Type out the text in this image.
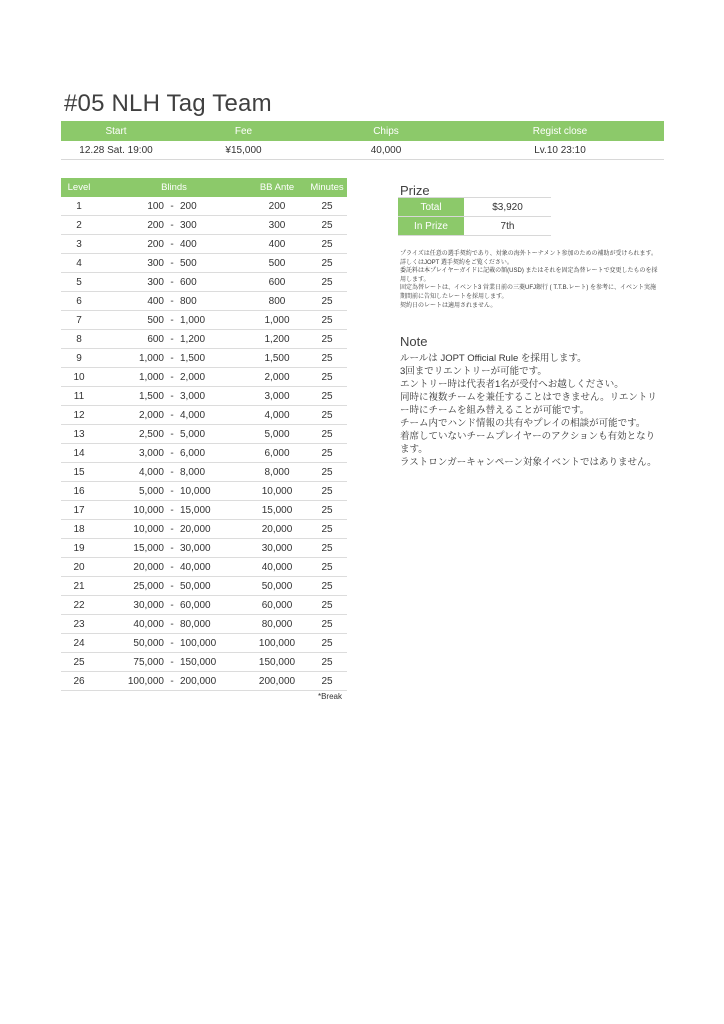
#05 NLH Tag Team
Start	Fee	Chips	Regist close
12.28 Sat. 19:00	¥15,000	40,000	Lv.10 23:10
Level	Blinds	BB Ante	Minutes
1	100 - 200	200	25
2	200 - 300	300	25
3	200 - 400	400	25
4	300 - 500	500	25
5	300 - 600	600	25
6	400 - 800	800	25
7	500 - 1,000	1,000	25
8	600 - 1,200	1,200	25
9	1,000 - 1,500	1,500	25
10	1,000 - 2,000	2,000	25
11	1,500 - 3,000	3,000	25
12	2,000 - 4,000	4,000	25
13	2,500 - 5,000	5,000	25
14	3,000 - 6,000	6,000	25
15	4,000 - 8,000	8,000	25
16	5,000 - 10,000	10,000	25
17	10,000 - 15,000	15,000	25
18	10,000 - 20,000	20,000	25
19	15,000 - 30,000	30,000	25
20	20,000 - 40,000	40,000	25
21	25,000 - 50,000	50,000	25
22	30,000 - 60,000	60,000	25
23	40,000 - 80,000	80,000	25
24	50,000 - 100,000	100,000	25
25	75,000 - 150,000	150,000	25
26	100,000 - 200,000	200,000	25
*Break
Prize
Total	$3,920
In Prize	7th

プライズは任意の選手契約であり、対象の海外トーナメント参加のための補助が受けられます。詳しくはJOPT 選手契約をご覧ください。

委託料は本プレイヤーガイドに記載の額(USD) またはそれを固定為替レートで変更したものを採用します。

固定為替レートは、イベント3 営業日前の三菱UFJ銀行 ( T.T.B.レート) を参考に、イベント実施期間前に告知したレートを採用します。

契約日のレートは適用されません。

Note

ルールは JOPT Official Rule を採用します。

3回までリエントリーが可能です。

エントリー時は代表者1名が受付へお越しください。

同時に複数チームを兼任することはできません。リエントリー時にチームを組み替えることが可能です。

チーム内でハンド情報の共有やプレイの相談が可能です。

着席していないチームプレイヤーのアクションも有効となります。

ラストロンガーキャンペーン対象イベントではありません。
